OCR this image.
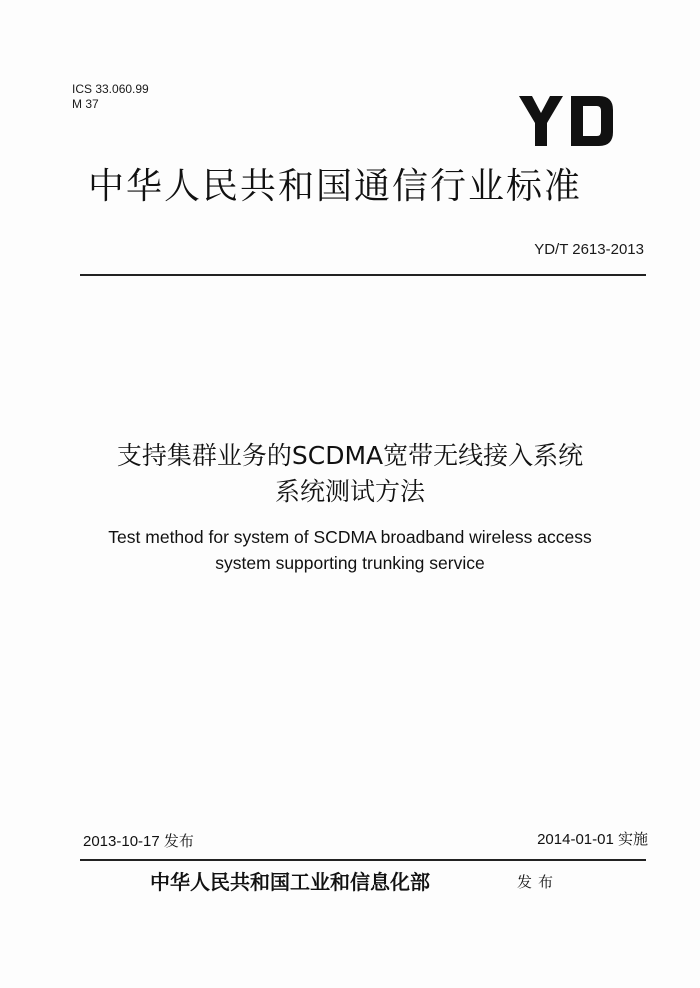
ICS 33.060.99
M 37
中华人民共和国通信行业标准
YD/T 2613-2013
支持集群业务的SCDMA宽带无线接入系统
系统测试方法
Test method for system of SCDMA broadband wireless access
system supporting trunking service
2013-10-17 发布	2014-01-01 实施
中华人民共和国工业和信息化部	发布
